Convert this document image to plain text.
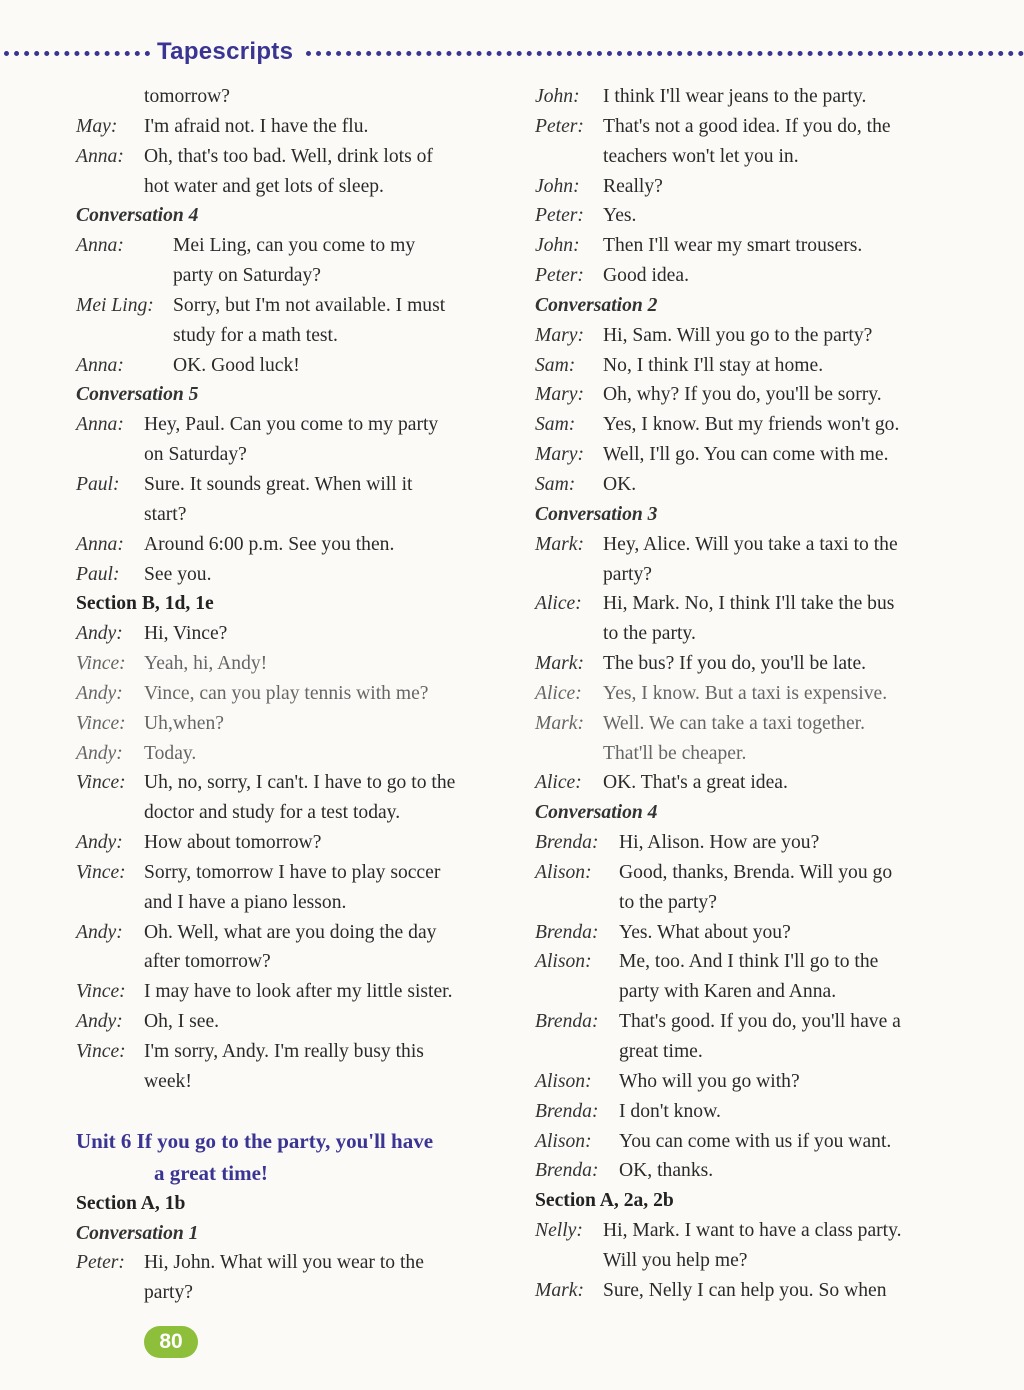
Tapescripts
tomorrow?
May:	I'm afraid not. I have the flu.
Anna:	Oh, that's too bad. Well, drink lots of
hot water and get lots of sleep.
Conversation 4
Anna:	Mei Ling, can you come to my
party on Saturday?
Mei Ling: Sorry, but I'm not available. I must
study for a math test.
Anna:	OK. Good luck!
Conversation 5
Anna:	Hey, Paul. Can you come to my party
on Saturday?
Paul:	Sure. It sounds great. When will it
start?
Anna:	Around 6:00 p.m. See you then.
Paul:	See you.
Section B, 1d, 1e
Andy:	Hi, Vince?
Vince: Yeah, hi, Andy!
Andy:	Vince, can you play tennis with me?
Vince: Uh,when?
Andy:	Today.
Vince: Uh, no, sorry, I can't. I have to go to the
doctor and study for a test today.
Andy:	How about tomorrow?
Vince: Sorry, tomorrow I have to play soccer
and I have a piano lesson.
Andy:	Oh. Well, what are you doing the day
after tomorrow?
Vince: I may have to look after my little sister.
Andy:	Oh, I see.
Vince: I'm sorry, Andy. I'm really busy this
week!
Unit 6 If you go to the party, you'll have
a great time!
Section A, 1b
Conversation 1
Peter: Hi, John. What will you wear to the
party?
John:	I think I'll wear jeans to the party.
Peter: That's not a good idea. If you do, the
teachers won't let you in.
John:	Really?
Peter: Yes.
John:	Then I'll wear my smart trousers.
Peter: Good idea.
Conversation 2
Mary: Hi, Sam. Will you go to the party?
Sam:	No, I think I'll stay at home.
Mary: Oh, why? If you do, you'll be sorry.
Sam:	Yes, I know. But my friends won't go.
Mary: Well, I'll go. You can come with me.
Sam:	OK.
Conversation 3
Mark: Hey, Alice. Will you take a taxi to the
party?
Alice:	Hi, Mark. No, I think I'll take the bus
to the party.
Mark: The bus? If you do, you'll be late.
Alice:	Yes, I know. But a taxi is expensive.
Mark: Well. We can take a taxi together.
That'll be cheaper.
Alice:	OK. That's a great idea.
Conversation 4
Brenda:	Hi, Alison. How are you?
Alison:	Good, thanks, Brenda. Will you go
to the party?
Brenda:	Yes. What about you?
Alison:	Me, too. And I think I'll go to the
party with Karen and Anna.
Brenda:	That's good. If you do, you'll have a
great time.
Alison:	Who will you go with?
Brenda:	I don't know.
Alison:	You can come with us if you want.
Brenda:	OK, thanks.
Section A, 2a, 2b
Nelly:	Hi, Mark. I want to have a class party.
Will you help me?
Mark: Sure, Nelly I can help you. So when
80
